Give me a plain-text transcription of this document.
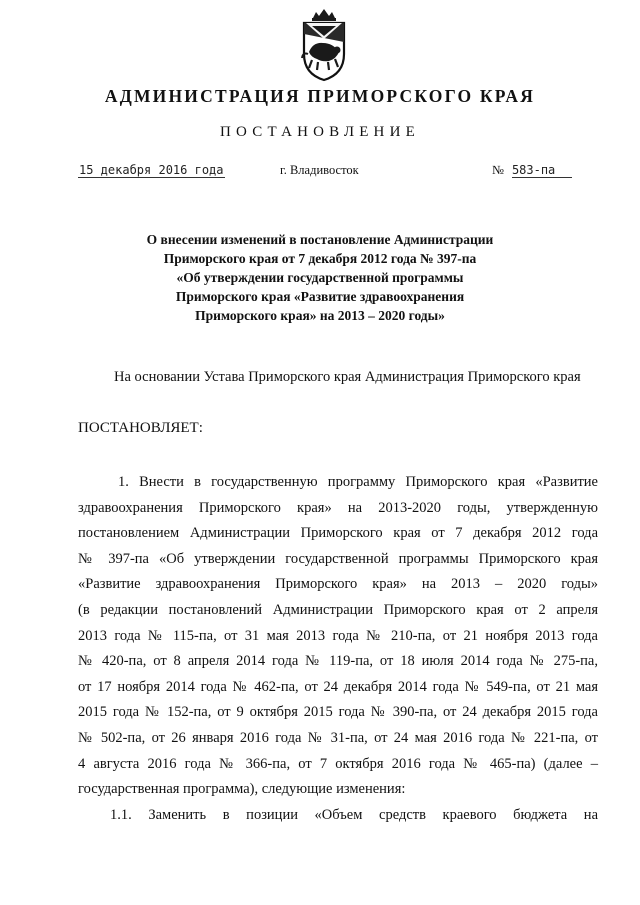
АДМИНИСТРАЦИЯ ПРИМОРСКОГО КРАЯ
ПОСТАНОВЛЕНИЕ
15 декабря 2016 года	г. Владивосток	№ 583-па
О внесении изменений в постановление Администрации
Приморского края от 7 декабря 2012 года № 397-па
«Об утверждении государственной программы
Приморского края «Развитие здравоохранения
Приморского края» на 2013 – 2020 годы»
На основании Устава Приморского края Администрация Приморского края
ПОСТАНОВЛЯЕТ:
1. Внести в государственную программу Приморского края «Развитие
здравоохранения Приморского края» на 2013-2020 годы, утвержденную
постановлением Администрации Приморского края от 7 декабря 2012 года
№ 397-па «Об утверждении государственной программы Приморского края
«Развитие здравоохранения Приморского края» на 2013 – 2020 годы»
(в редакции постановлений Администрации Приморского края от 2 апреля
2013 года № 115-па, от 31 мая 2013 года № 210-па, от 21 ноября 2013 года
№ 420-па, от 8 апреля 2014 года № 119-па, от 18 июля 2014 года № 275-па,
от 17 ноября 2014 года № 462-па, от 24 декабря 2014 года № 549-па, от 21 мая
2015 года № 152-па, от 9 октября 2015 года № 390-па, от 24 декабря 2015 года
№ 502-па, от 26 января 2016 года № 31-па, от 24 мая 2016 года № 221-па, от
4 августа 2016 года № 366-па, от 7 октября 2016 года № 465-па) (далее –
государственная программа), следующие изменения:
1.1. Заменить в позиции «Объем средств краевого бюджета на
